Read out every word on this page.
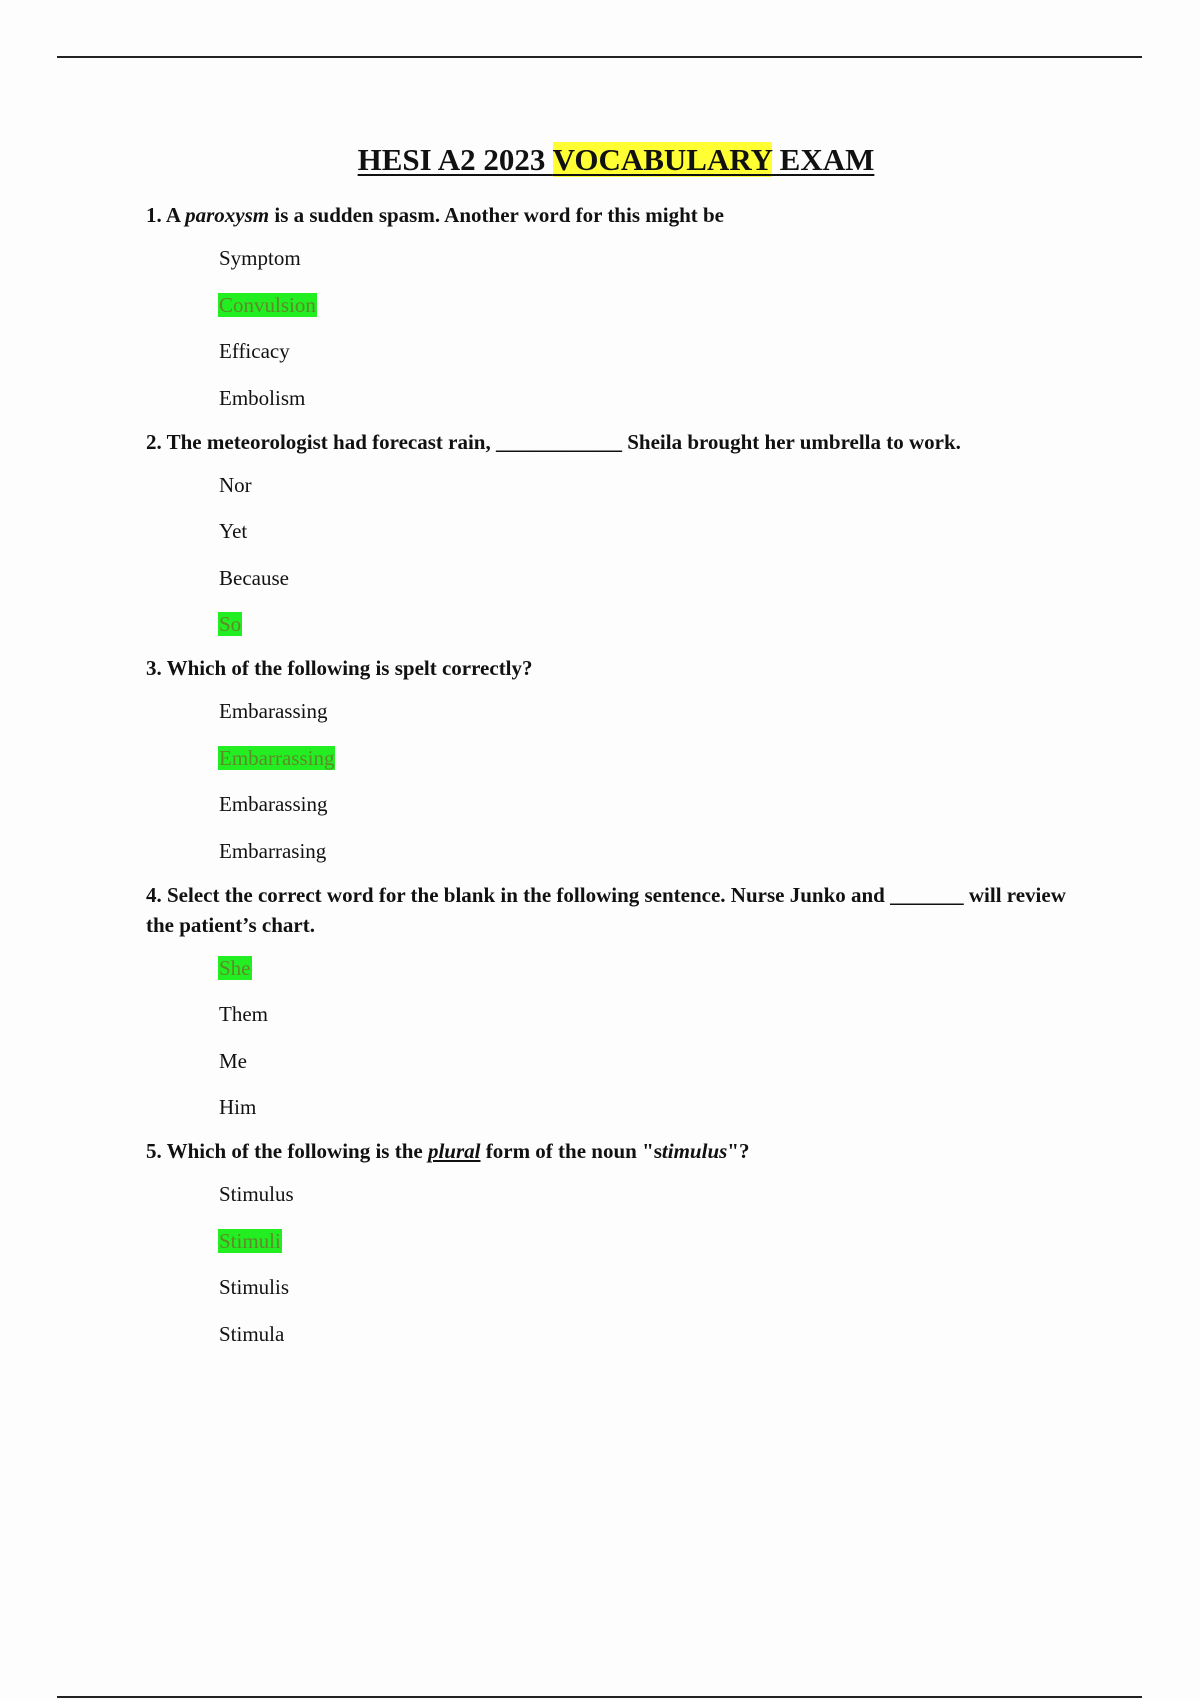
HESI A2 2023 VOCABULARY EXAM

1. A paroxysm is a sudden spasm. Another word for this might be

Symptom
Convulsion
Efficacy
Embolism

2. The meteorologist had forecast rain, ____________ Sheila brought her umbrella to work.

Nor
Yet
Because
So

3. Which of the following is spelt correctly?

Embarassing
Embarrassing
Embarassing
Embarrasing

4. Select the correct word for the blank in the following sentence. Nurse Junko and _______ will review the patient’s chart.

She
Them
Me
Him

5. Which of the following is the plural form of the noun "stimulus"?

Stimulus
Stimuli
Stimulis
Stimula
